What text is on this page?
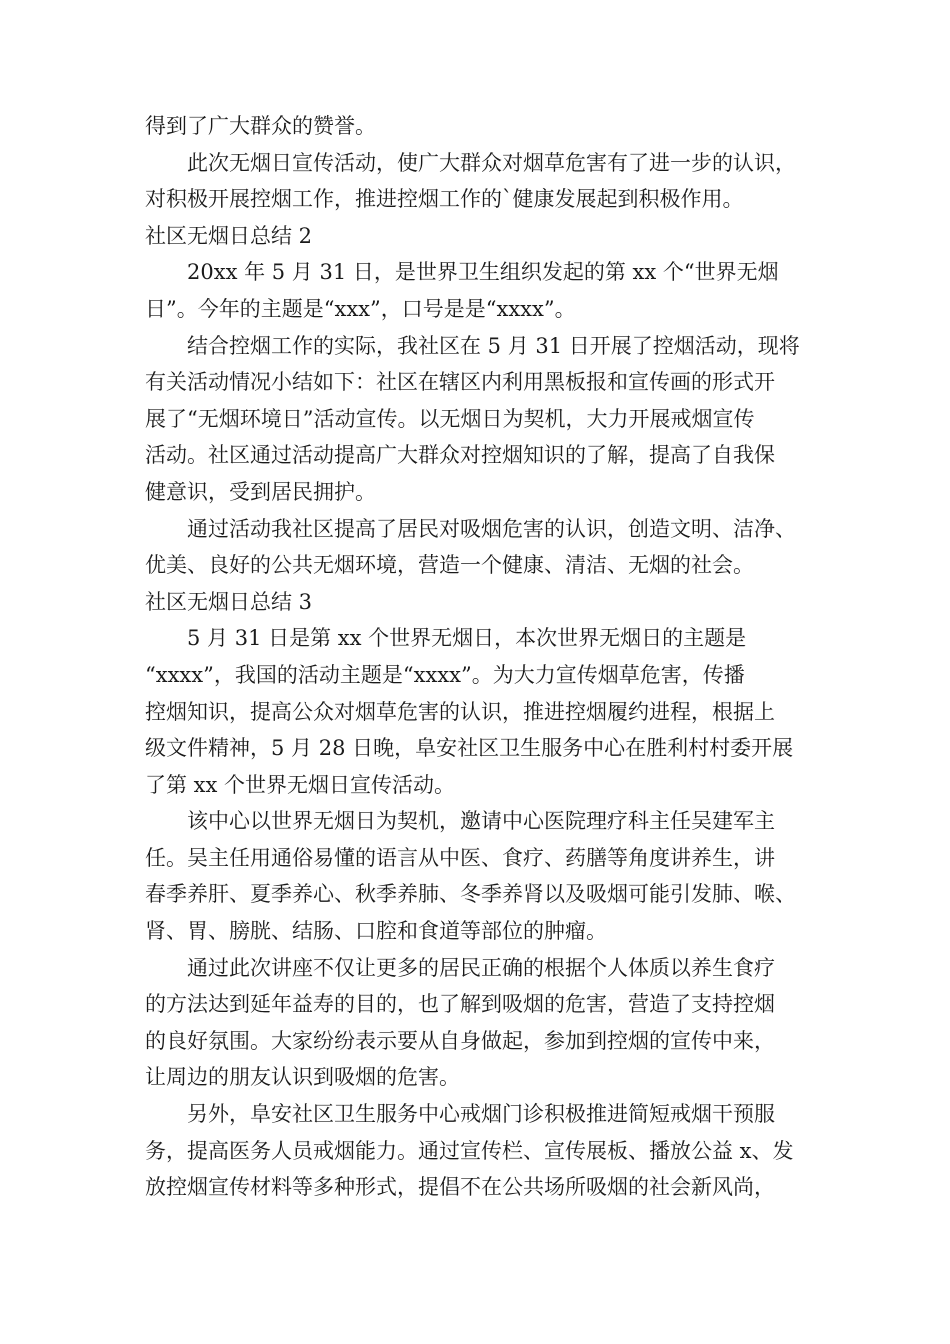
得到了广大群众的赞誉。
此次无烟日宣传活动，使广大群众对烟草危害有了进一步的认识，
对积极开展控烟工作，推进控烟工作的`健康发展起到积极作用。
社区无烟日总结 2
20xx 年 5 月 31 日，是世界卫生组织发起的第 xx 个“世界无烟
日”。今年的主题是“xxx”，口号是是“xxxx”。
结合控烟工作的实际，我社区在 5 月 31 日开展了控烟活动，现将
有关活动情况小结如下：社区在辖区内利用黑板报和宣传画的形式开
展了“无烟环境日”活动宣传。以无烟日为契机，大力开展戒烟宣传
活动。社区通过活动提高广大群众对控烟知识的了解，提高了自我保
健意识，受到居民拥护。
通过活动我社区提高了居民对吸烟危害的认识，创造文明、洁净、
优美、良好的公共无烟环境，营造一个健康、清洁、无烟的社会。
社区无烟日总结 3
5 月 31 日是第 xx 个世界无烟日，本次世界无烟日的主题是
“xxxx”，我国的活动主题是“xxxx”。为大力宣传烟草危害，传播
控烟知识，提高公众对烟草危害的认识，推进控烟履约进程，根据上
级文件精神，5 月 28 日晚，阜安社区卫生服务中心在胜利村村委开展
了第 xx 个世界无烟日宣传活动。
该中心以世界无烟日为契机，邀请中心医院理疗科主任吴建军主
任。吴主任用通俗易懂的语言从中医、食疗、药膳等角度讲养生，讲
春季养肝、夏季养心、秋季养肺、冬季养肾以及吸烟可能引发肺、喉、
肾、胃、膀胱、结肠、口腔和食道等部位的肿瘤。
通过此次讲座不仅让更多的居民正确的根据个人体质以养生食疗
的方法达到延年益寿的目的，也了解到吸烟的危害，营造了支持控烟
的良好氛围。大家纷纷表示要从自身做起，参加到控烟的宣传中来，
让周边的朋友认识到吸烟的危害。
另外，阜安社区卫生服务中心戒烟门诊积极推进简短戒烟干预服
务，提高医务人员戒烟能力。通过宣传栏、宣传展板、播放公益 x、发
放控烟宣传材料等多种形式，提倡不在公共场所吸烟的社会新风尚，
